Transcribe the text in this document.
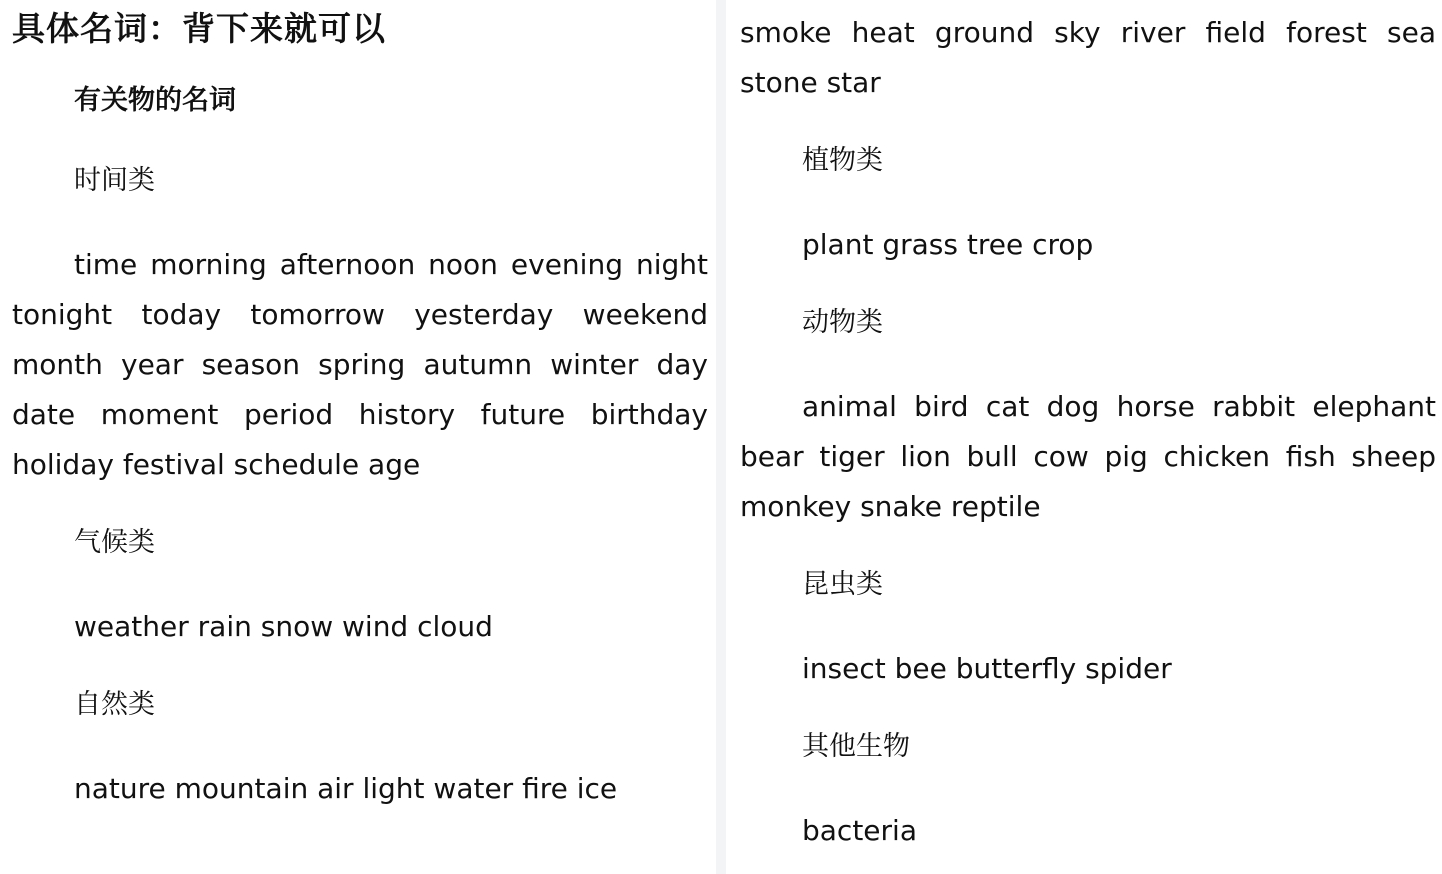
具体名词：背下来就可以
有关物的名词
时间类
time morning afternoon noon evening night tonight today tomorrow yesterday weekend month year season spring autumn winter day date moment period history future birthday holiday festival schedule age
气候类
weather rain snow wind cloud
自然类
nature mountain air light water fire ice
smoke heat ground sky river field forest sea stone star
植物类
plant grass tree crop
动物类
animal bird cat dog horse rabbit elephant bear tiger lion bull cow pig chicken fish sheep monkey snake reptile
昆虫类
insect bee butterfly spider
其他生物
bacteria
